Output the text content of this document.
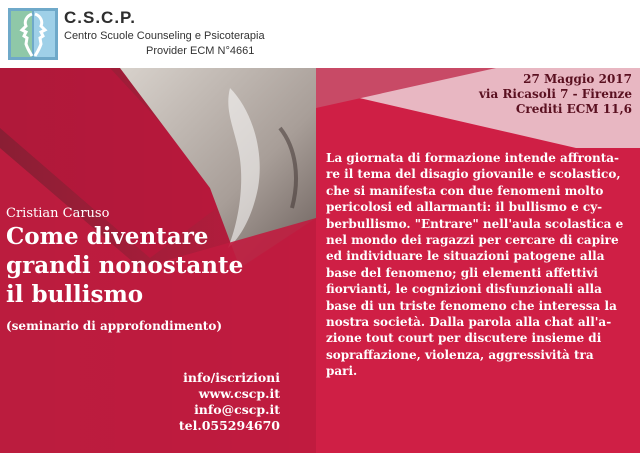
C.S.C.P.
Centro Scuole Counseling e Psicoterapia
Provider ECM N°4661
27 Maggio 2017
via Ricasoli 7 - Firenze
Crediti ECM 11,6
La giornata di formazione intende affronta-
re il tema del disagio giovanile e scolastico,
che si manifesta con due fenomeni molto
pericolosi ed allarmanti: il bullismo e cy-
berbullismo. "Entrare" nell'aula scolastica e
nel mondo dei ragazzi per cercare di capire
ed individuare le situazioni patogene alla
base del fenomeno; gli elementi affettivi
fiorvianti, le cognizioni disfunzionali alla
base di un triste fenomeno che interessa la
nostra società. Dalla parola alla chat all'a-
zione tout court per discutere insieme di
sopraffazione, violenza, aggressività tra
pari.
Cristian Caruso
Come diventare
grandi nonostante
il bullismo
(seminario di approfondimento)
info/iscrizioni
www.cscp.it
info@cscp.it
tel.055294670
